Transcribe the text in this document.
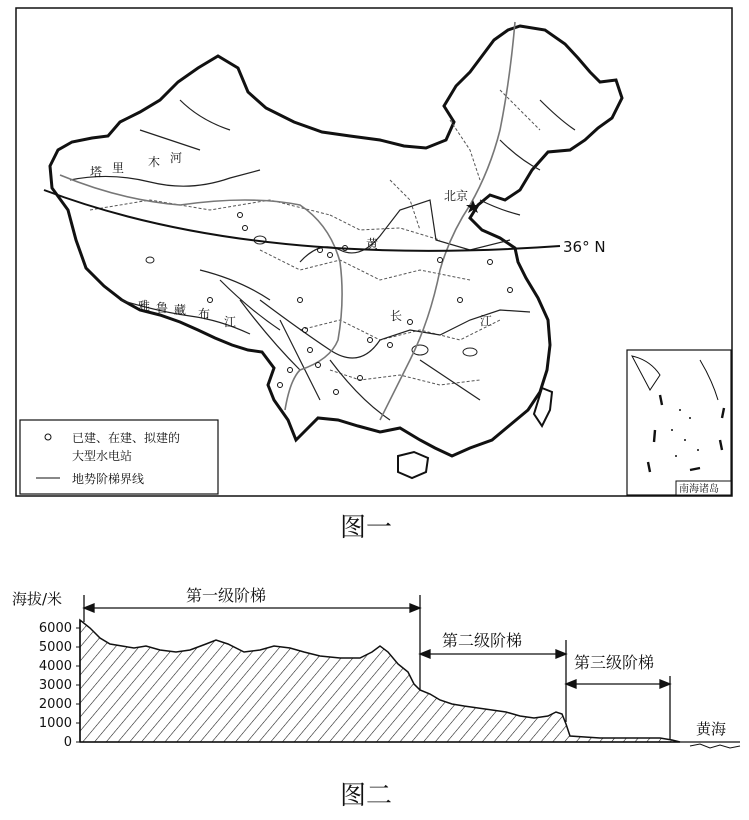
36° N
北京
塔 里 木 河
雅 鲁 藏 布
江
黄
长	江
南海诸岛
已建、在建、拟建的
大型水电站
地势阶梯界线
图一
海拔/米
6000
5000
4000
3000
2000
1000
0
黄海
第一级阶梯
第二级阶梯
第三级阶梯
图二
